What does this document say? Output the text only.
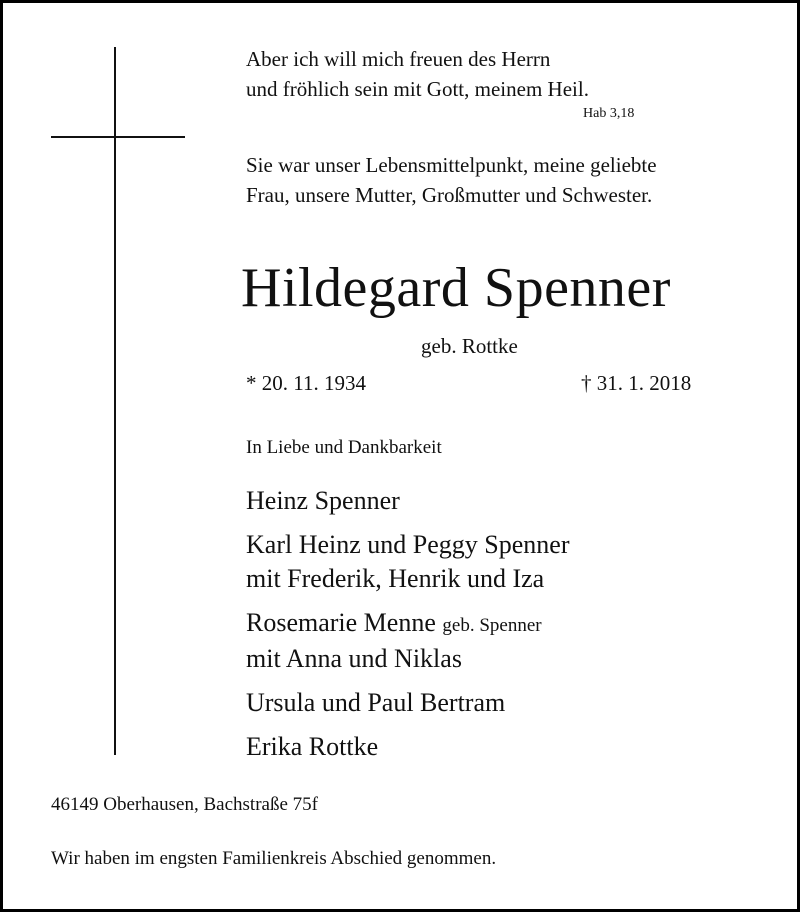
Aber ich will mich freuen des Herrn
und fröhlich sein mit Gott, meinem Heil.
Hab 3,18
Sie war unser Lebensmittelpunkt, meine geliebte
Frau, unsere Mutter, Großmutter und Schwester.
Hildegard Spenner
geb. Rottke
* 20. 11. 1934	† 31. 1. 2018
In Liebe und Dankbarkeit
Heinz Spenner
Karl Heinz und Peggy Spenner
mit Frederik, Henrik und Iza
Rosemarie Menne geb. Spenner
mit Anna und Niklas
Ursula und Paul Bertram
Erika Rottke
46149 Oberhausen, Bachstraße 75f
Wir haben im engsten Familienkreis Abschied genommen.
